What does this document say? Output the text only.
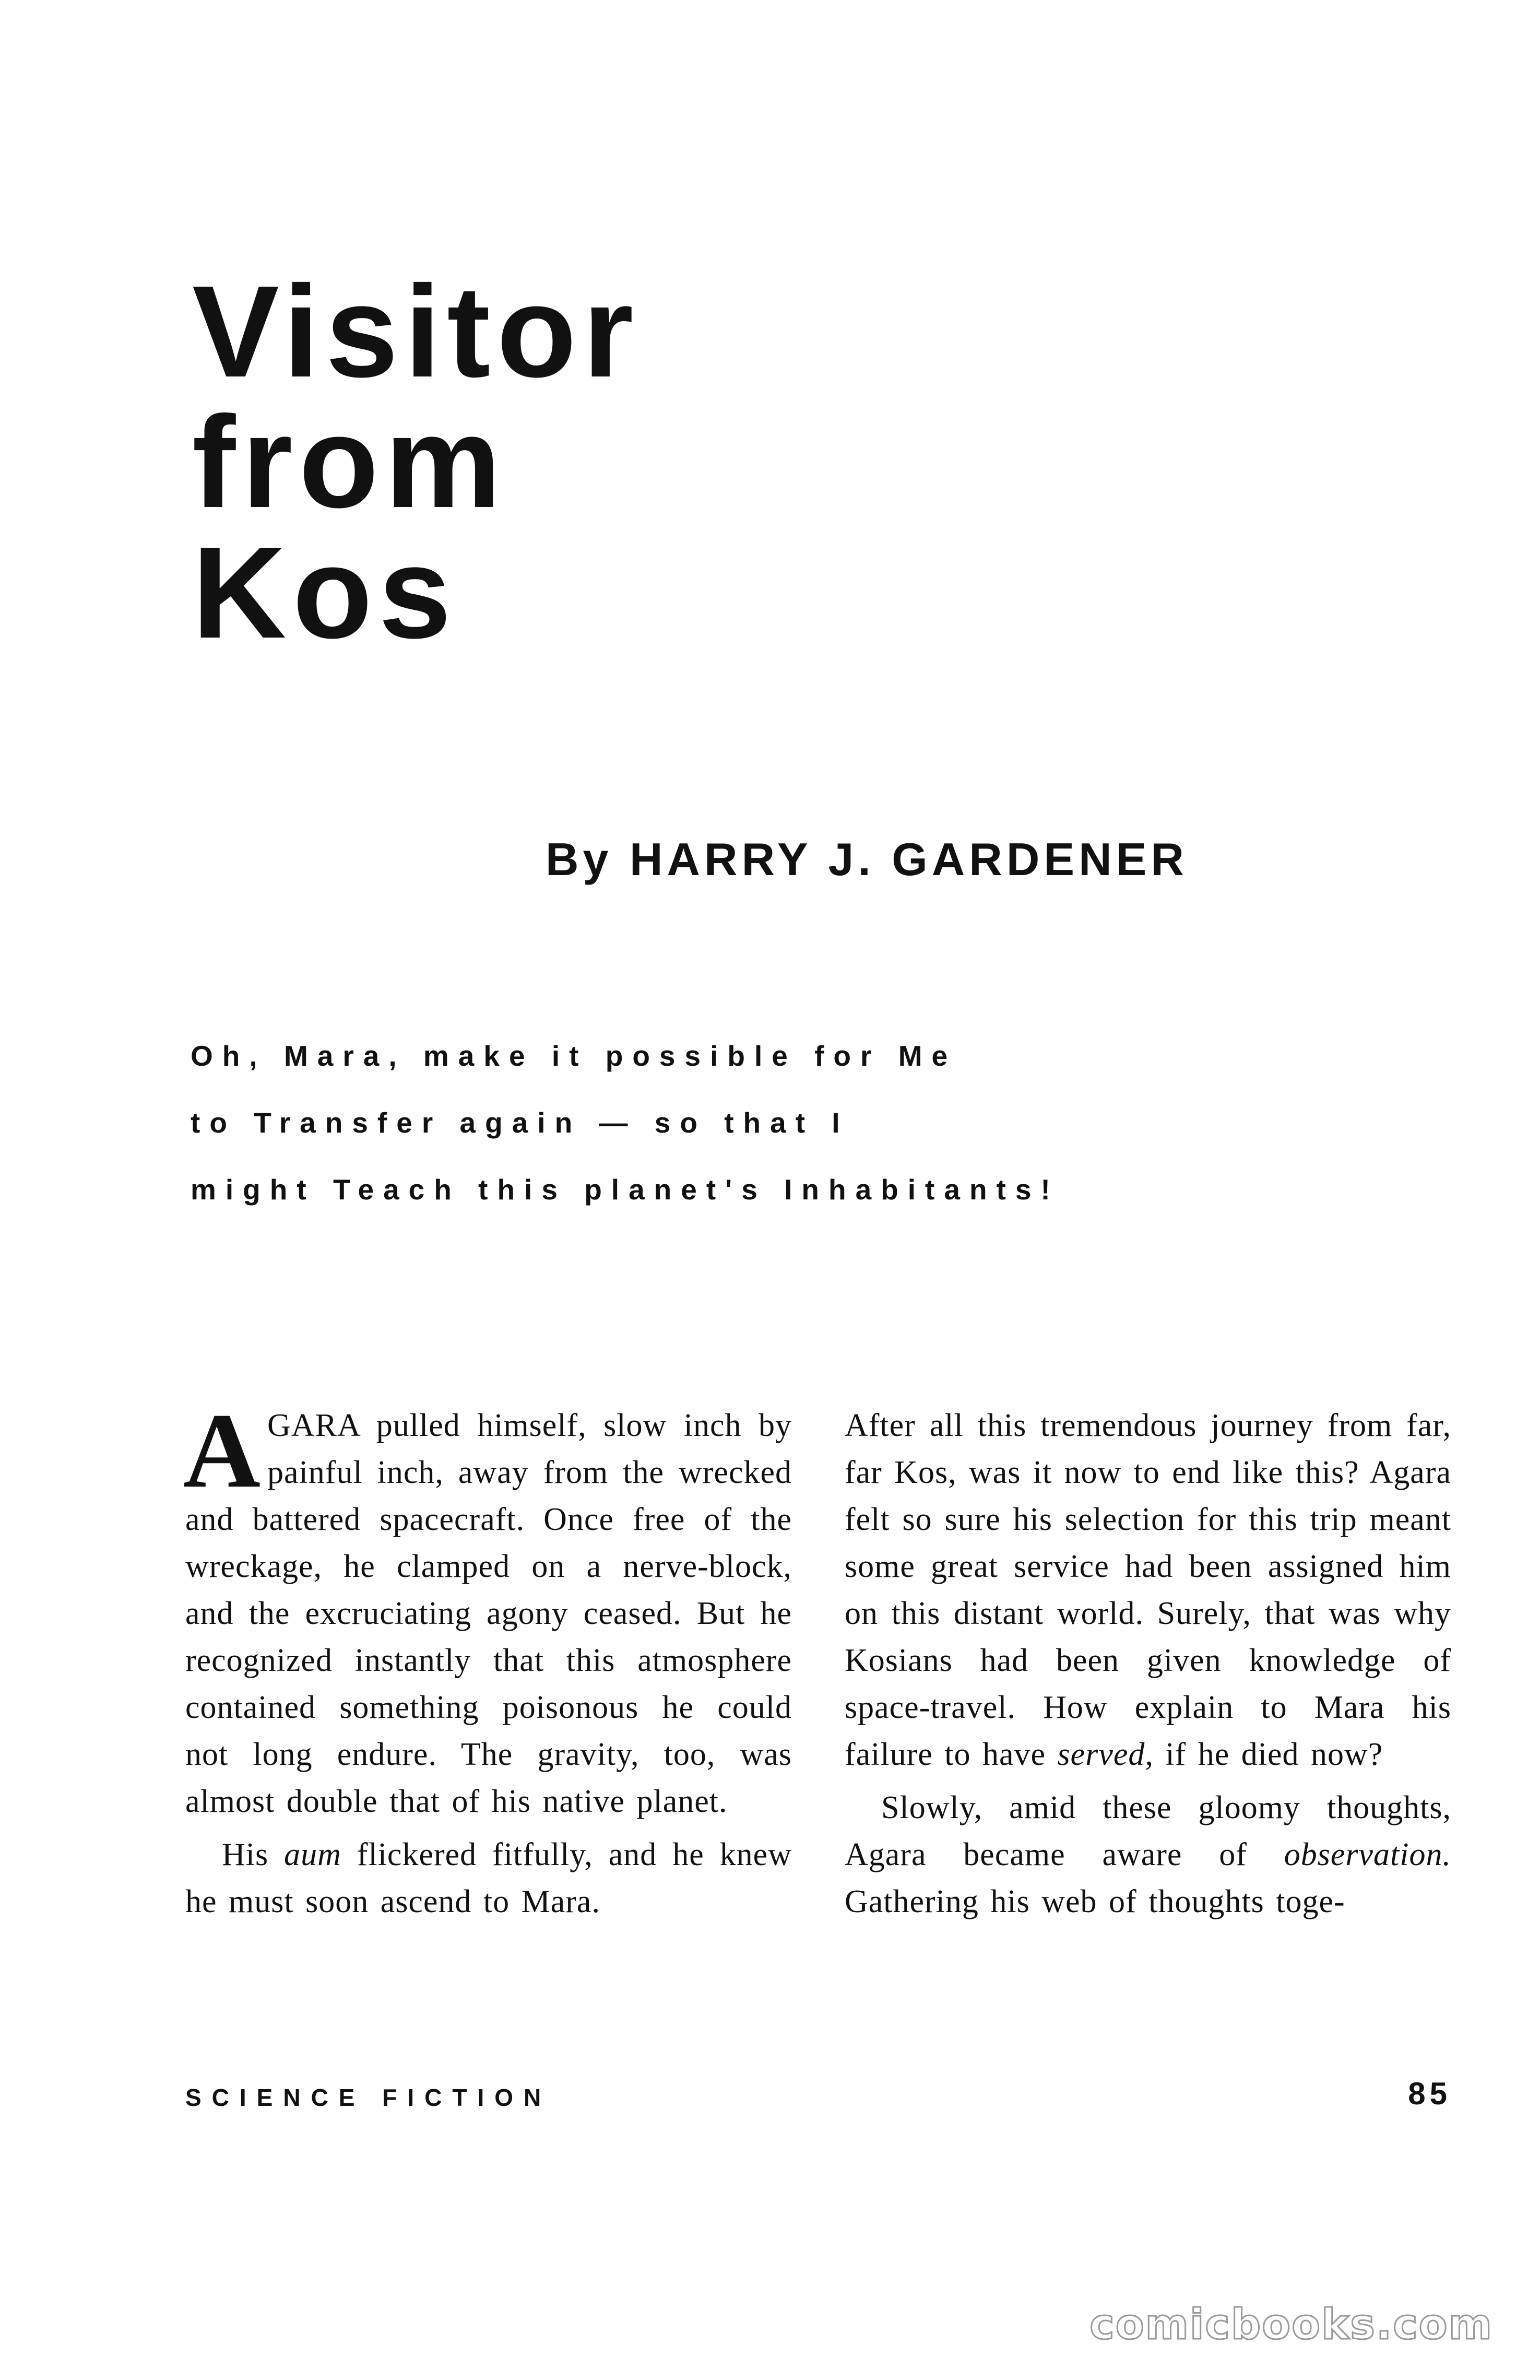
Visitor
from
Kos
By HARRY J. GARDENER
Oh, Mara, make it possible for Me
to Transfer again — so that I
might Teach this planet's Inhabitants!

AGARA pulled himself, slow inch by painful inch, away from the wrecked and battered spacecraft. Once free of the wreckage, he clamped on a nerve-block, and the excruciating agony ceased. But he recognized instantly that this atmosphere contained something poisonous he could not long endure. The gravity, too, was almost double that of his native planet.

His aum flickered fitfully, and he knew he must soon ascend to Mara.

After all this tremendous journey from far, far Kos, was it now to end like this? Agara felt so sure his selection for this trip meant some great service had been assigned him on this distant world. Surely, that was why Kosians had been given knowledge of space-travel. How explain to Mara his failure to have served, if he died now?

Slowly, amid these gloomy thoughts, Agara became aware of observation. Gathering his web of thoughts toge-

SCIENCE FICTION	85
comicbooks.com
